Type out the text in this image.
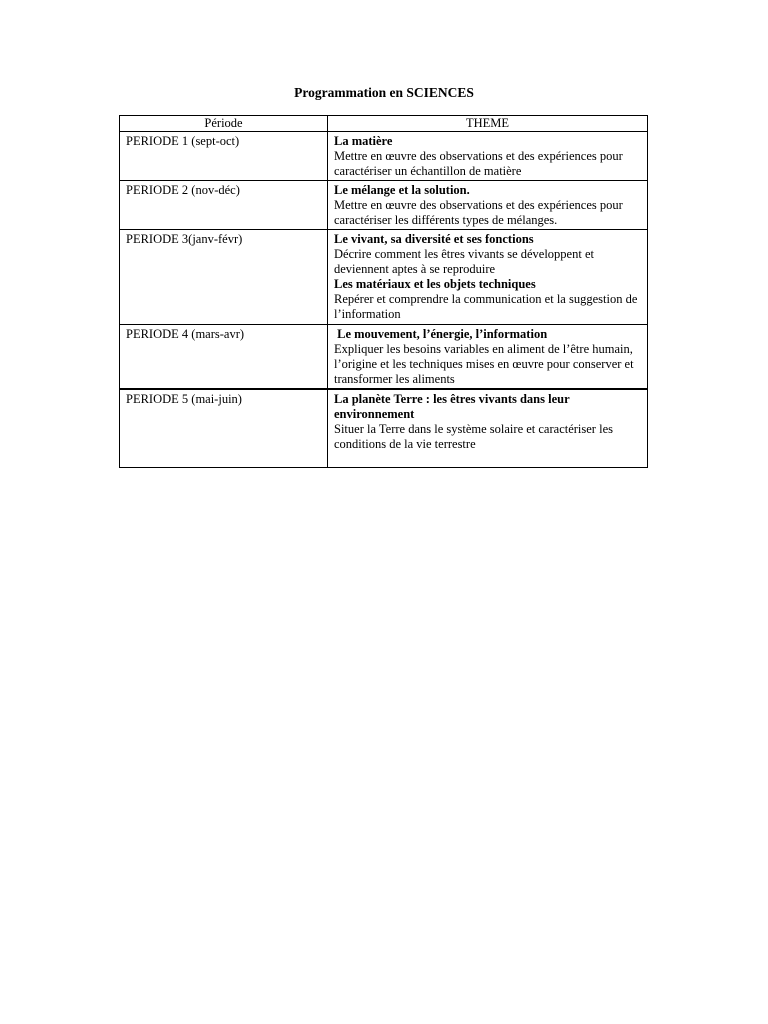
Programmation en SCIENCES
Période	THEME
PERIODE 1 (sept-oct)	La matière
Mettre en œuvre des observations et des expériences pour caractériser un échantillon de matière

PERIODE 2 (nov-déc)	Le mélange et la solution.
Mettre en œuvre des observations et des expériences pour caractériser les différents types de mélanges.

PERIODE 3(janv-févr)	Le vivant, sa diversité et ses fonctions
Décrire comment les êtres vivants se développent et deviennent aptes à se reproduire
Les matériaux et les objets techniques
Repérer et comprendre la communication et la suggestion de l’information

PERIODE 4 (mars-avr)	Le mouvement, l’énergie, l’information
Expliquer les besoins variables en aliment de l’être humain, l’origine et les techniques mises en œuvre pour conserver et transformer les aliments

PERIODE 5 (mai-juin)	La planète Terre : les êtres vivants dans leur environnement
Situer la Terre dans le système solaire et caractériser les conditions de la vie terrestre
